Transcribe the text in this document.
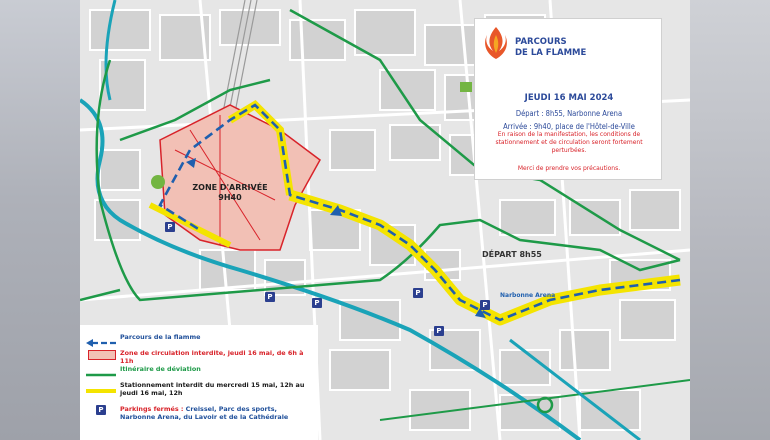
ZONE D'ARRIVÉE
9H40
DÉPART 8h55
Narbonne Arena
P
P
P
P
P
P
PARCOURS
DE LA FLAMME
JEUDI 16 MAI 2024
Départ : 8h55, Narbonne Arena
Arrivée : 9h40, place de l'Hôtel-de-Ville
En raison de la manifestation, les conditions de stationnement et de circulation seront fortement perturbées.
Merci de prendre vos précautions.
Parcours de la flamme
Zone de circulation interdite, jeudi 16 mai, de 6h à 11h
Itinéraire de déviation
Stationnement interdit du mercredi 15 mai, 12h au jeudi 16 mai, 12h
P	Parkings fermés : Creissel, Parc des sports, Narbonne Arena, du Lavoir et de la Cathédrale
